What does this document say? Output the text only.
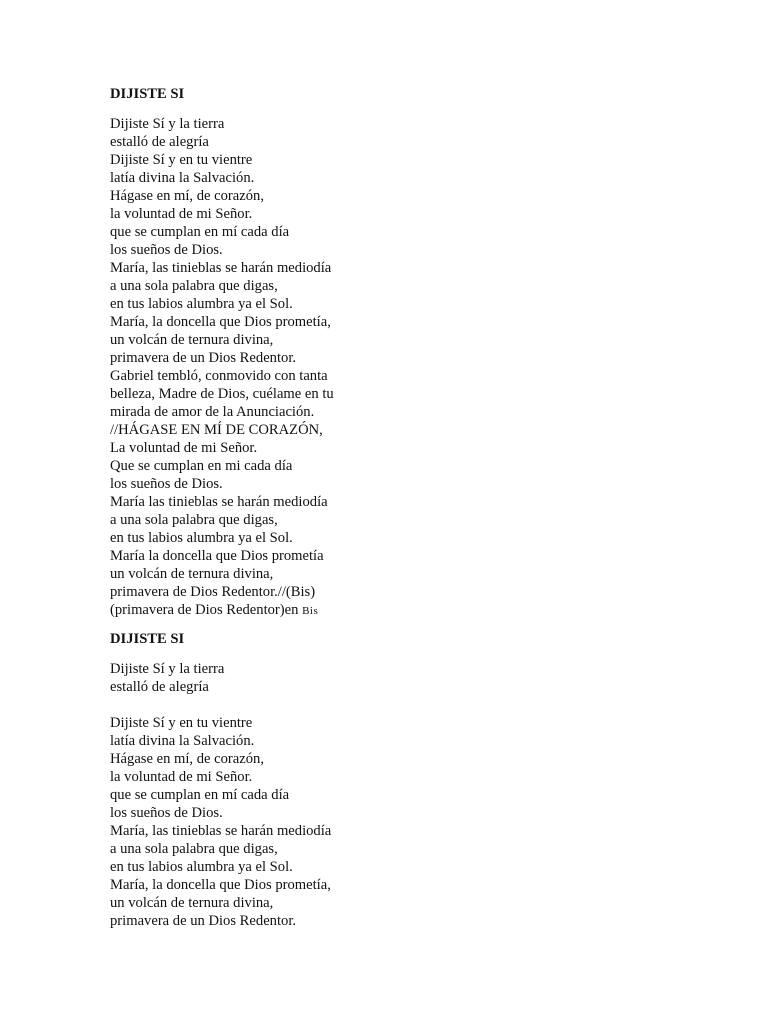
DIJISTE SI
Dijiste Sí y la tierra
estalló de alegría
Dijiste Sí y en tu vientre
latía divina la Salvación.
Hágase en mí, de corazón,
la voluntad de mi Señor.
que se cumplan en mí cada día
los sueños de Dios.
María, las tinieblas se harán mediodía
a una sola palabra que digas,
en tus labios alumbra ya el Sol.
María, la doncella que Dios prometía,
un volcán de ternura divina,
primavera de un Dios Redentor.
Gabriel tembló, conmovido con tanta
belleza, Madre de Dios, cuélame en tu
mirada de amor de la Anunciación.
//HÁGASE EN MÍ DE CORAZÓN,
La voluntad de mi Señor.
Que se cumplan en mi cada día
los sueños de Dios.
María las tinieblas se harán mediodía
a una sola palabra que digas,
en tus labios alumbra ya el Sol.
María la doncella que Dios prometía
un volcán de ternura divina,
primavera de Dios Redentor.//(Bis)
(primavera de Dios Redentor)en Bis
DIJISTE SI
Dijiste Sí y la tierra
estalló de alegría
Dijiste Sí y en tu vientre
latía divina la Salvación.
Hágase en mí, de corazón,
la voluntad de mi Señor.
que se cumplan en mí cada día
los sueños de Dios.
María, las tinieblas se harán mediodía
a una sola palabra que digas,
en tus labios alumbra ya el Sol.
María, la doncella que Dios prometía,
un volcán de ternura divina,
primavera de un Dios Redentor.
